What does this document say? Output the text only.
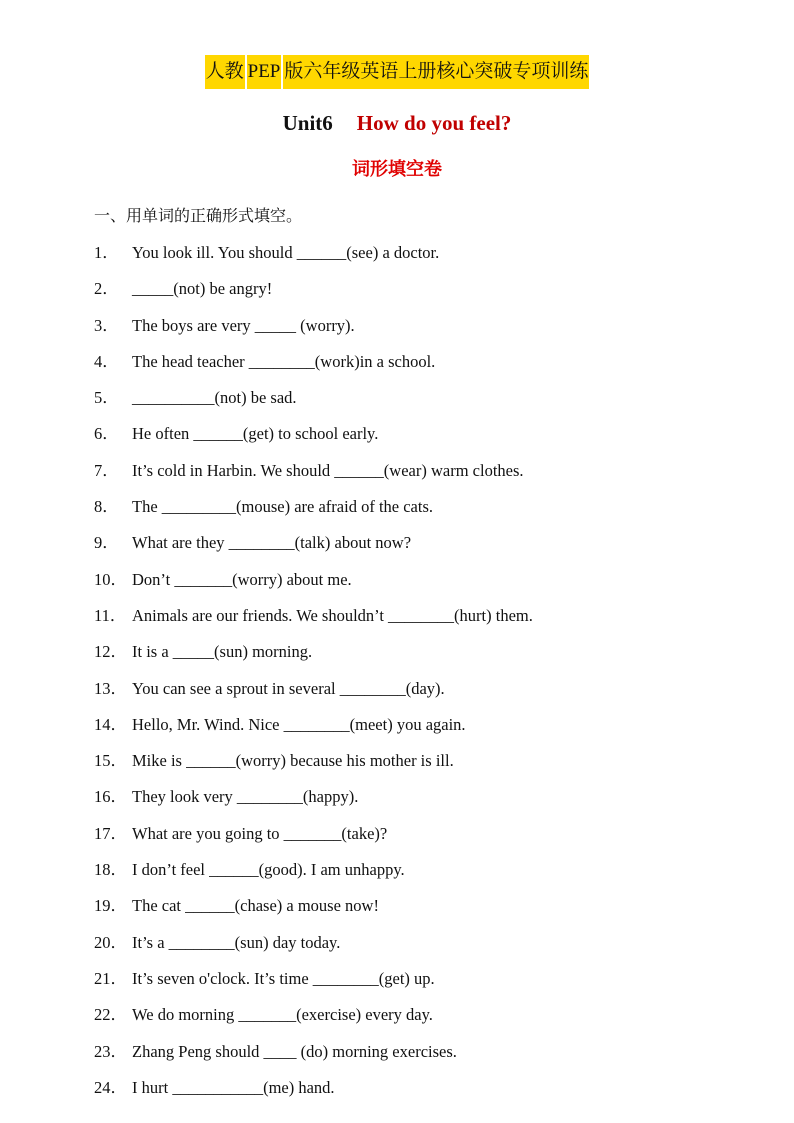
人教 PEP 版六年级英语上册核心突破专项训练
Unit6 How do you feel?
词形填空卷
一、用单词的正确形式填空。
1． You look ill. You should ______(see) a doctor.
2． _____(not) be angry!
3． The boys are very _____ (worry).
4． The head teacher ________(work)in a school.
5． __________(not) be sad.
6． He often ______(get) to school early.
7． It’s cold in Harbin. We should ______(wear) warm clothes.
8． The _________(mouse) are afraid of the cats.
9． What are they ________(talk) about now?
10． Don’t _______(worry) about me.
11． Animals are our friends. We shouldn’t ________(hurt) them.
12． It is a _____(sun) morning.
13． You can see a sprout in several ________(day).
14． Hello, Mr. Wind. Nice ________(meet) you again.
15． Mike is ______(worry) because his mother is ill.
16． They look very ________(happy).
17． What are you going to _______(take)?
18． I don’t feel ______(good). I am unhappy.
19． The cat ______(chase) a mouse now!
20． It’s a ________(sun) day today.
21． It’s seven o'clock. It’s time ________(get) up.
22． We do morning _______(exercise) every day.
23． Zhang Peng should ____ (do) morning exercises.
24． I hurt ___________(me) hand.
